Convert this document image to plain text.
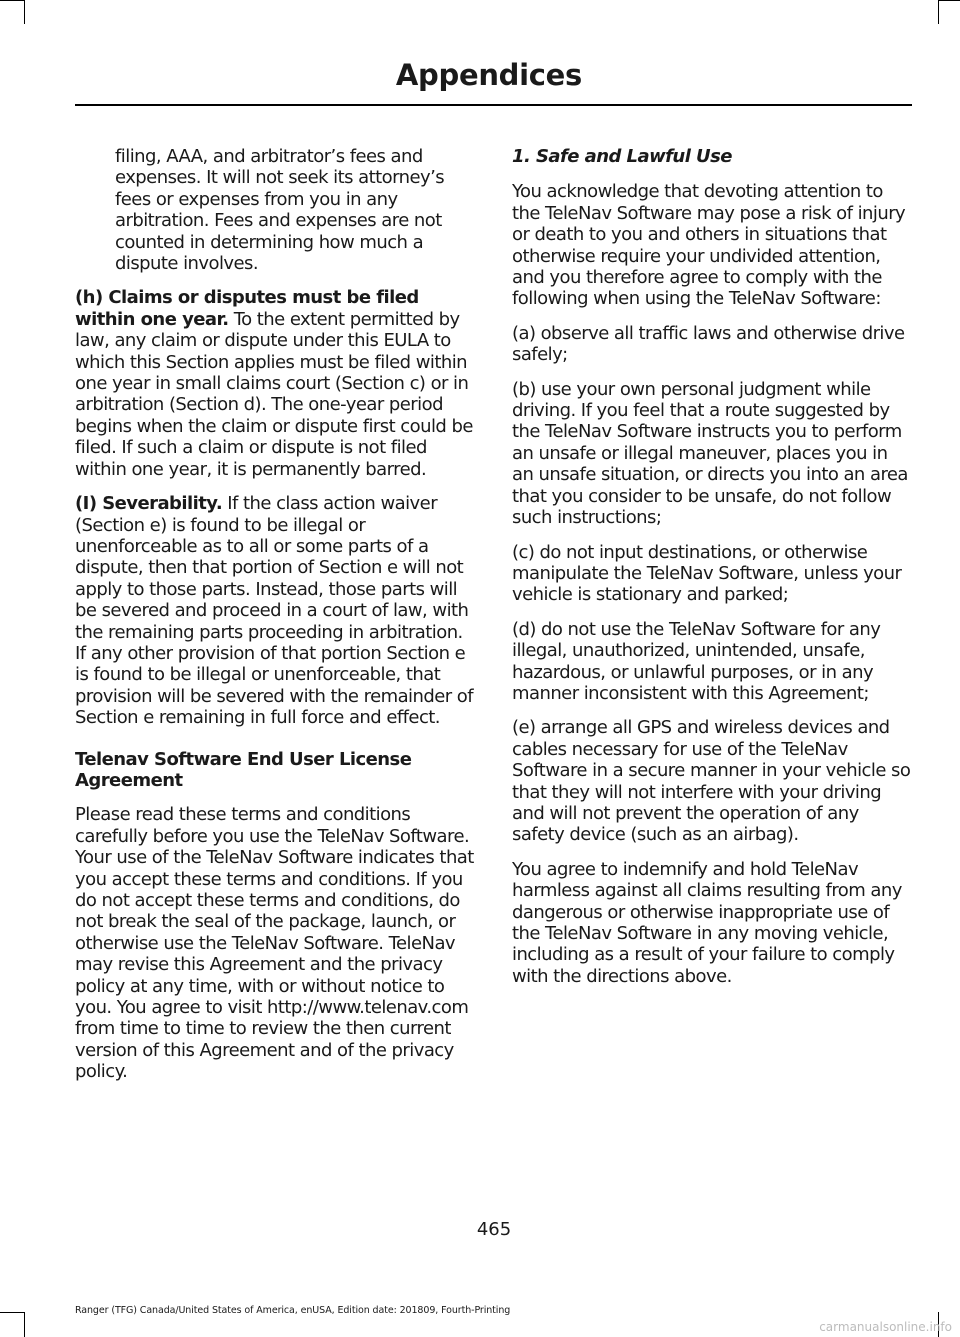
Appendices

filing, AAA, and arbitrator’s fees and expenses. It will not seek its attorney’s fees or expenses from you in any arbitration. Fees and expenses are not counted in determining how much a dispute involves.

(h) Claims or disputes must be filed within one year. To the extent permitted by law, any claim or dispute under this EULA to which this Section applies must be filed within one year in small claims court (Section c) or in arbitration (Section d). The one-year period begins when the claim or dispute first could be filed. If such a claim or dispute is not filed within one year, it is permanently barred.

(I) Severability. If the class action waiver (Section e) is found to be illegal or unenforceable as to all or some parts of a dispute, then that portion of Section e will not apply to those parts. Instead, those parts will be severed and proceed in a court of law, with the remaining parts proceeding in arbitration. If any other provision of that portion Section e is found to be illegal or unenforceable, that provision will be severed with the remainder of Section e remaining in full force and effect.

Telenav Software End User License Agreement

Please read these terms and conditions carefully before you use the TeleNav Software. Your use of the TeleNav Software indicates that you accept these terms and conditions. If you do not accept these terms and conditions, do not break the seal of the package, launch, or otherwise use the TeleNav Software. TeleNav may revise this Agreement and the privacy policy at any time, with or without notice to you. You agree to visit http://www.telenav.com from time to time to review the then current version of this Agreement and of the privacy policy.

1. Safe and Lawful Use

You acknowledge that devoting attention to the TeleNav Software may pose a risk of injury or death to you and others in situations that otherwise require your undivided attention, and you therefore agree to comply with the following when using the TeleNav Software:

(a) observe all traffic laws and otherwise drive safely;

(b) use your own personal judgment while driving. If you feel that a route suggested by the TeleNav Software instructs you to perform an unsafe or illegal maneuver, places you in an unsafe situation, or directs you into an area that you consider to be unsafe, do not follow such instructions;

(c) do not input destinations, or otherwise manipulate the TeleNav Software, unless your vehicle is stationary and parked;

(d) do not use the TeleNav Software for any illegal, unauthorized, unintended, unsafe, hazardous, or unlawful purposes, or in any manner inconsistent with this Agreement;

(e) arrange all GPS and wireless devices and cables necessary for use of the TeleNav Software in a secure manner in your vehicle so that they will not interfere with your driving and will not prevent the operation of any safety device (such as an airbag).

You agree to indemnify and hold TeleNav harmless against all claims resulting from any dangerous or otherwise inappropriate use of the TeleNav Software in any moving vehicle, including as a result of your failure to comply with the directions above.

465
Ranger (TFG) Canada/United States of America, enUSA, Edition date: 201809, Fourth-Printing
carmanualsonline.info
